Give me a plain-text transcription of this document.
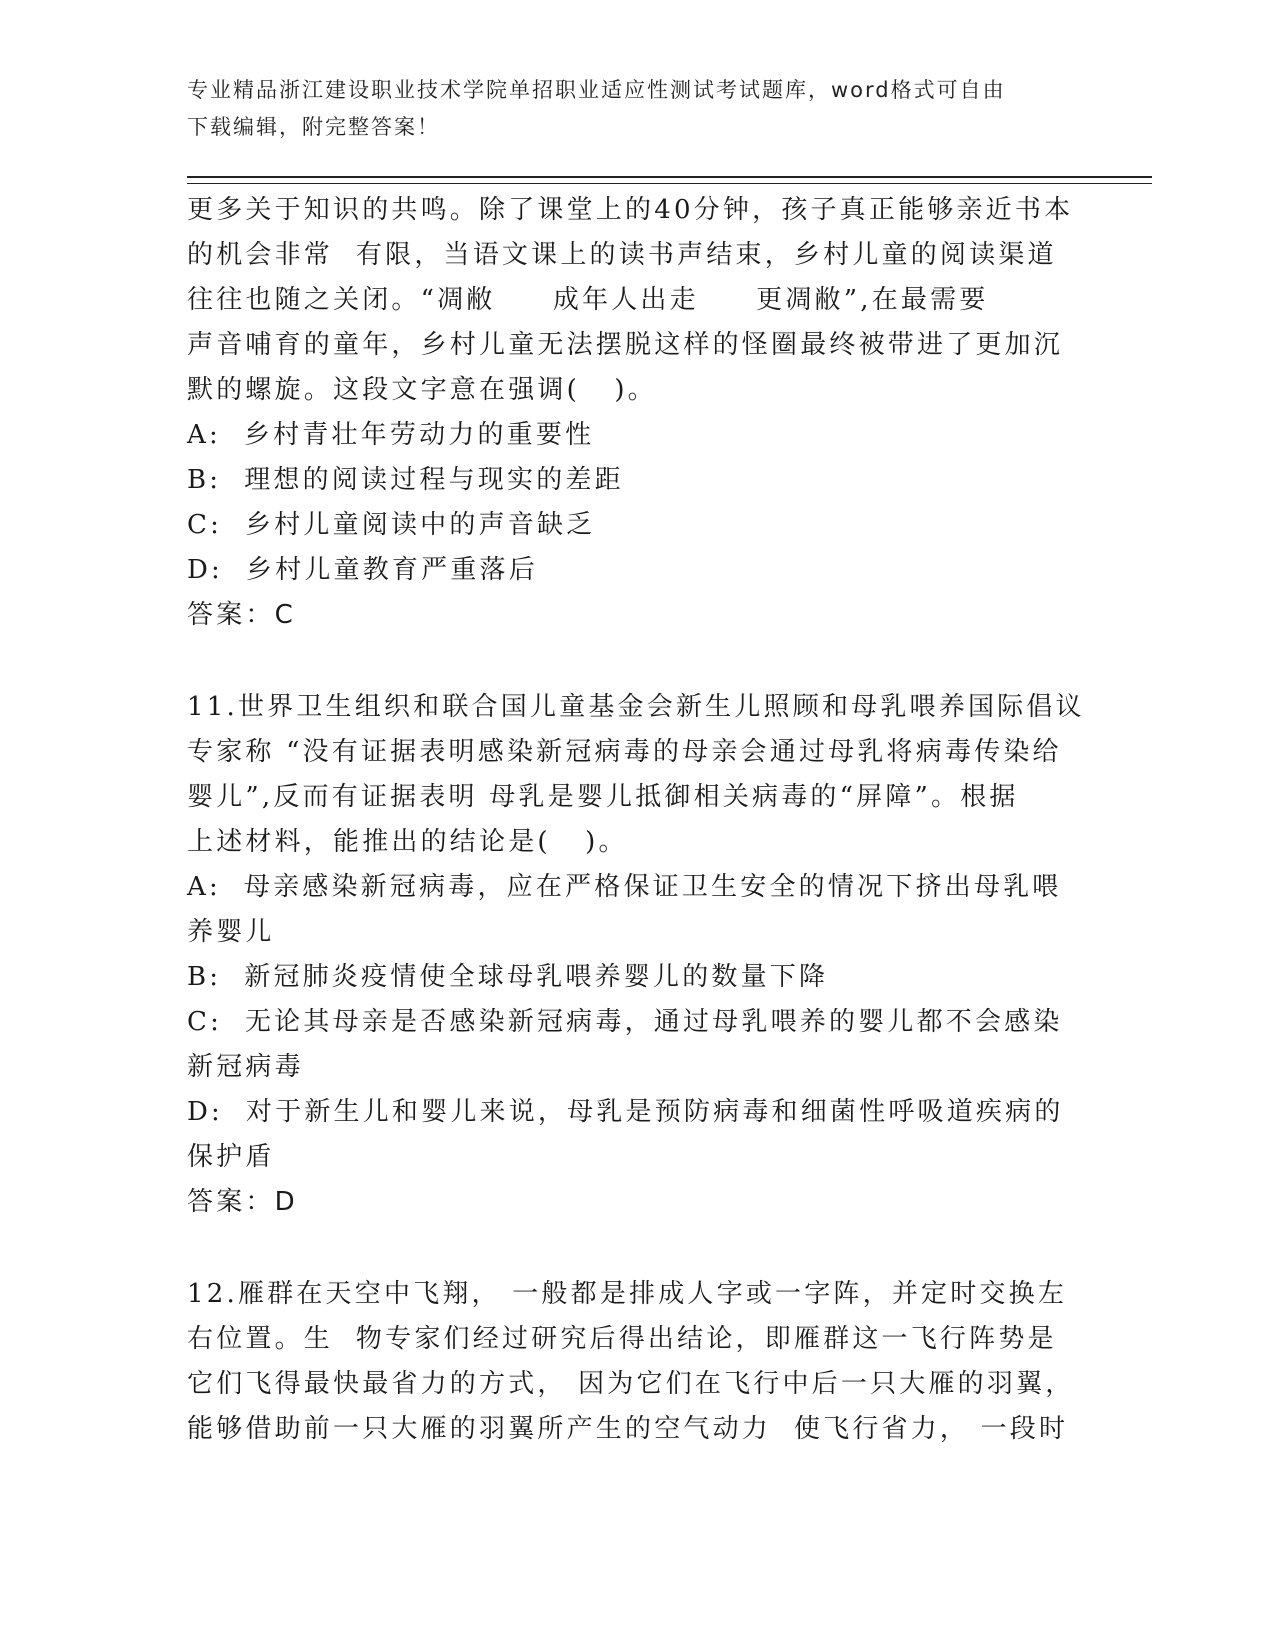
专业精品浙江建设职业技术学院单招职业适应性测试考试题库，word格式可自由
下载编辑，附完整答案！
更多关于知识的共鸣。除了课堂上的40分钟，孩子真正能够亲近书本
的机会非常  有限，当语文课上的读书声结束，乡村儿童的阅读渠道
往往也随之关闭。“凋敝     成年人出走     更凋敝”,在最需要
声音哺育的童年，乡村儿童无法摆脱这样的怪圈最终被带进了更加沉
默的螺旋。这段文字意在强调(   )。
A:  乡村青壮年劳动力的重要性
B:  理想的阅读过程与现实的差距
C:  乡村儿童阅读中的声音缺乏
D:  乡村儿童教育严重落后
答案：C
11.世界卫生组织和联合国儿童基金会新生儿照顾和母乳喂养国际倡议
专家称 “没有证据表明感染新冠病毒的母亲会通过母乳将病毒传染给
婴儿”,反而有证据表明 母乳是婴儿抵御相关病毒的“屏障”。根据
上述材料，能推出的结论是(   )。
A:  母亲感染新冠病毒，应在严格保证卫生安全的情况下挤出母乳喂
养婴儿
B:  新冠肺炎疫情使全球母乳喂养婴儿的数量下降
C:  无论其母亲是否感染新冠病毒，通过母乳喂养的婴儿都不会感染
新冠病毒
D:  对于新生儿和婴儿来说，母乳是预防病毒和细菌性呼吸道疾病的
保护盾
答案：D
12.雁群在天空中飞翔， 一般都是排成人字或一字阵，并定时交换左
右位置。生  物专家们经过研究后得出结论，即雁群这一飞行阵势是
它们飞得最快最省力的方式， 因为它们在飞行中后一只大雁的羽翼，
能够借助前一只大雁的羽翼所产生的空气动力  使飞行省力， 一段时
